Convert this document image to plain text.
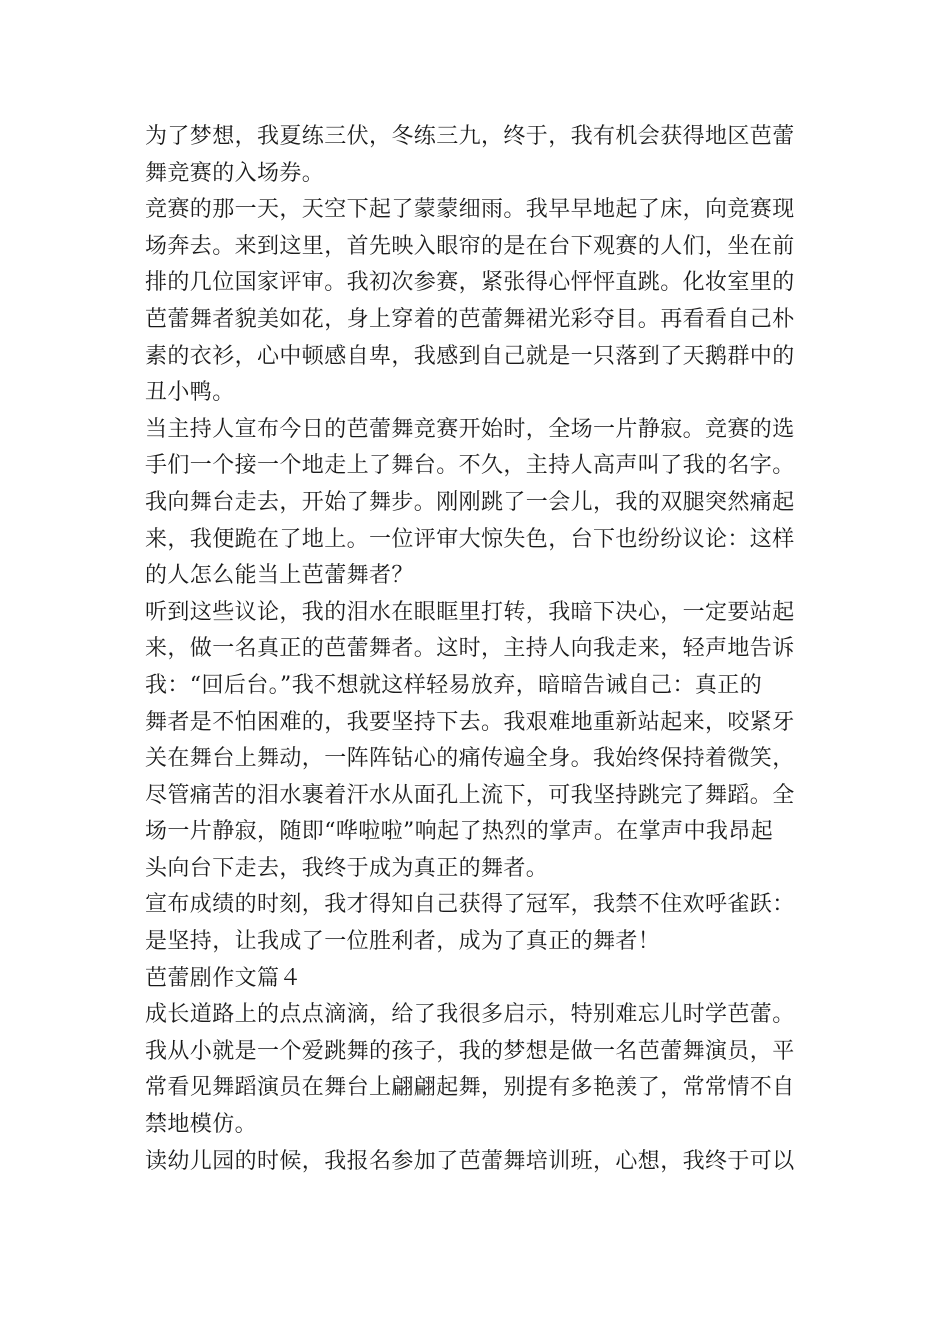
为了梦想，我夏练三伏，冬练三九，终于，我有机会获得地区芭蕾
舞竞赛的入场券。
竞赛的那一天，天空下起了蒙蒙细雨。我早早地起了床，向竞赛现
场奔去。来到这里，首先映入眼帘的是在台下观赛的人们，坐在前
排的几位国家评审。我初次参赛，紧张得心怦怦直跳。化妆室里的
芭蕾舞者貌美如花，身上穿着的芭蕾舞裙光彩夺目。再看看自己朴
素的衣衫，心中顿感自卑，我感到自己就是一只落到了天鹅群中的
丑小鸭。
当主持人宣布今日的芭蕾舞竞赛开始时，全场一片静寂。竞赛的选
手们一个接一个地走上了舞台。不久，主持人高声叫了我的名字。
我向舞台走去，开始了舞步。刚刚跳了一会儿，我的双腿突然痛起
来，我便跪在了地上。一位评审大惊失色，台下也纷纷议论：这样
的人怎么能当上芭蕾舞者？
听到这些议论，我的泪水在眼眶里打转，我暗下决心，一定要站起
来，做一名真正的芭蕾舞者。这时，主持人向我走来，轻声地告诉
我：“回后台。”我不想就这样轻易放弃，暗暗告诫自己：真正的
舞者是不怕困难的，我要坚持下去。我艰难地重新站起来，咬紧牙
关在舞台上舞动，一阵阵钻心的痛传遍全身。我始终保持着微笑，
尽管痛苦的泪水裹着汗水从面孔上流下，可我坚持跳完了舞蹈。全
场一片静寂，随即“哗啦啦”响起了热烈的掌声。在掌声中我昂起
头向台下走去，我终于成为真正的舞者。
宣布成绩的时刻，我才得知自己获得了冠军，我禁不住欢呼雀跃：
是坚持，让我成了一位胜利者，成为了真正的舞者！
芭蕾剧作文篇４
成长道路上的点点滴滴，给了我很多启示，特别难忘儿时学芭蕾。
我从小就是一个爱跳舞的孩子，我的梦想是做一名芭蕾舞演员，平
常看见舞蹈演员在舞台上翩翩起舞，别提有多艳羡了，常常情不自
禁地模仿。
读幼儿园的时候，我报名参加了芭蕾舞培训班，心想，我终于可以
